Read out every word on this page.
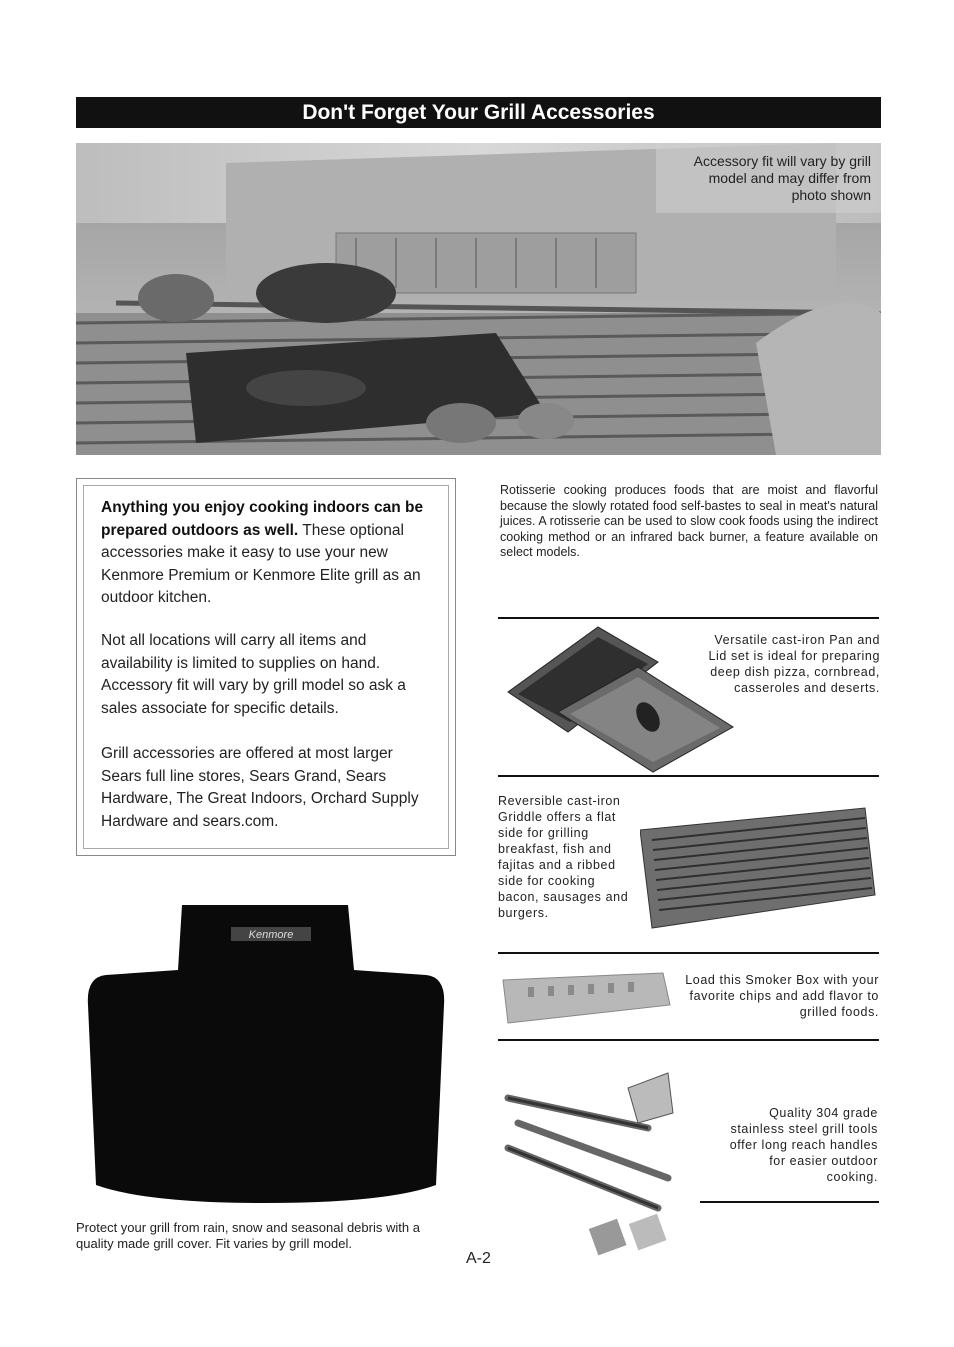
Don't Forget Your Grill Accessories
Accessory fit will vary by grill model and may differ from photo shown
Anything you enjoy cooking indoors can be prepared outdoors as well. These optional accessories make it easy to use your new Kenmore Premium or Kenmore Elite grill as an outdoor kitchen.
Not all locations will carry all items and availability is limited to supplies on hand. Accessory fit will vary by grill model so ask a sales associate for specific details.
Grill accessories are offered at most larger Sears full line stores, Sears Grand, Sears Hardware, The Great Indoors, Orchard Supply Hardware and sears.com.
Rotisserie cooking produces foods that are moist and flavorful because the slowly rotated food self-bastes to seal in meat's natural juices. A rotisserie can be used to slow cook foods using the indirect cooking method or an infrared back burner, a feature available on select models.
Versatile cast-iron Pan and Lid set is ideal for preparing deep dish pizza, cornbread, casseroles and deserts.
Reversible cast-iron Griddle offers a flat side for grilling breakfast, fish and fajitas and a ribbed side for cooking bacon, sausages and burgers.
Load this Smoker Box with your favorite chips and add flavor to grilled foods.
Quality 304 grade stainless steel grill tools offer long reach handles for easier outdoor cooking.
Kenmore
Protect your grill from rain, snow and seasonal debris with a quality made grill cover. Fit varies by grill model.
A-2
